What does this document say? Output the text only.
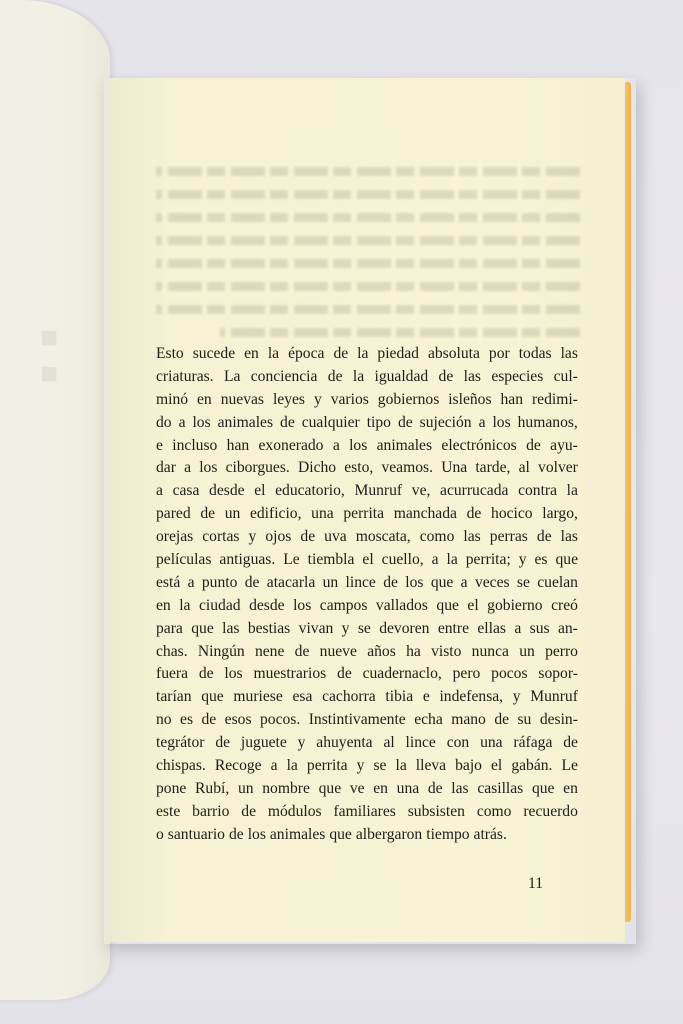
■
■
Esto sucede en la época de la piedad absoluta por todas las
criaturas. La conciencia de la igualdad de las especies cul-
minó en nuevas leyes y varios gobiernos isleños han redimi-
do a los animales de cualquier tipo de sujeción a los humanos,
e incluso han exonerado a los animales electrónicos de ayu-
dar a los ciborgues. Dicho esto, veamos. Una tarde, al volver
a casa desde el educatorio, Munruf ve, acurrucada contra la
pared de un edificio, una perrita manchada de hocico largo,
orejas cortas y ojos de uva moscata, como las perras de las
películas antiguas. Le tiembla el cuello, a la perrita; y es que
está a punto de atacarla un lince de los que a veces se cuelan
en la ciudad desde los campos vallados que el gobierno creó
para que las bestias vivan y se devoren entre ellas a sus an-
chas. Ningún nene de nueve años ha visto nunca un perro
fuera de los muestrarios de cuadernaclo, pero pocos sopor-
tarían que muriese esa cachorra tibia e indefensa, y Munruf
no es de esos pocos. Instintivamente echa mano de su desin-
tegrátor de juguete y ahuyenta al lince con una ráfaga de
chispas. Recoge a la perrita y se la lleva bajo el gabán. Le
pone Rubí, un nombre que ve en una de las casillas que en
este barrio de módulos familiares subsisten como recuerdo
o santuario de los animales que albergaron tiempo atrás.
11
